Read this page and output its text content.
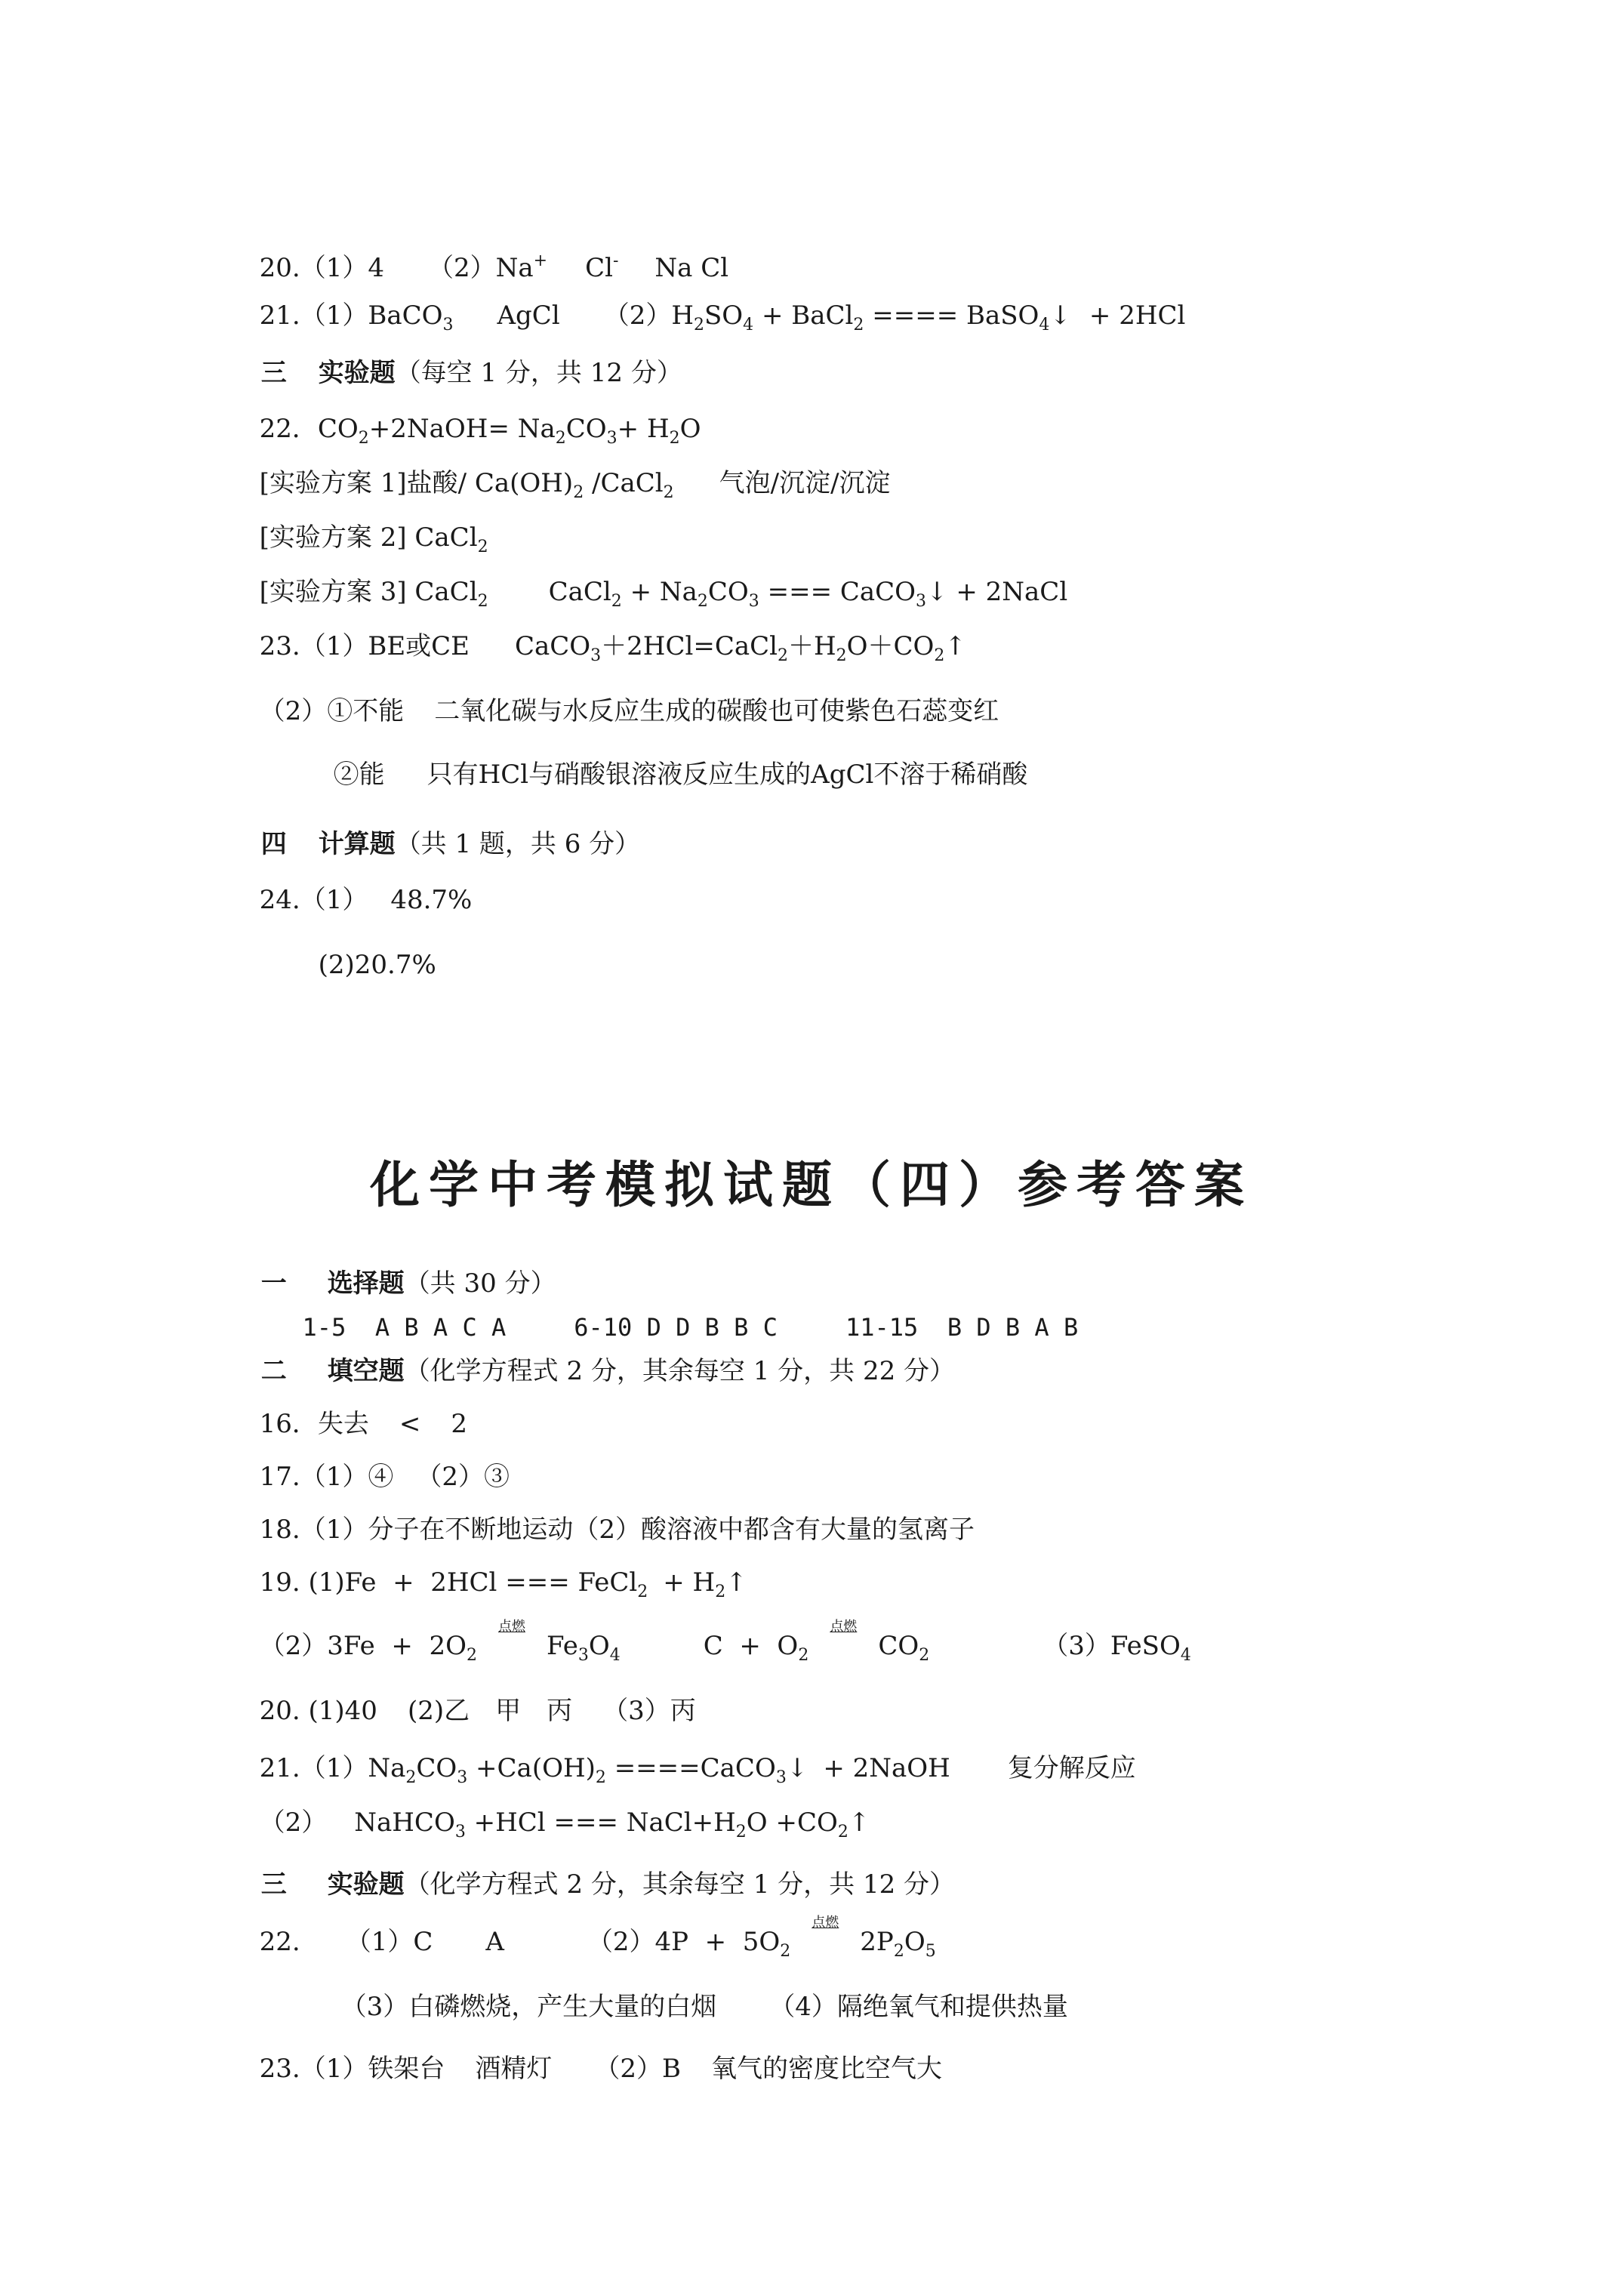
20.（1）4 （2）Na+ Cl- Na Cl

21.（1）BaCO$_3$ AgCl $(2)H_2SO_4$ + BaCl$_2$ ==== BaSO$_4$↓ + 2HCl

三 实验题（每空 1 分，共 12 分）

22．$CO_2+2NaOH= Na_2CO_3+ H_2O$

[实验方案 1]盐酸/ $Ca(OH)_2$ /CaCl$_2$ 气泡/沉淀/沉淀

[实验方案 2] CaCl$_2$

[实验方案 3] CaCl$_2$ CaCl$_2$ + $Na_2CO_3$ === CaCO$_3$↓ + 2NaCl

23.（1）BE或CE $CaCO_3+2HCl=CaCl_2+H_2O+CO_2↑$

（2）①不能 二氧化碳与水反应生成的碳酸也可使紫色石蕊变红

②能 只有HCl与硝酸银溶液反应生成的AgCl不溶于稀硝酸

四 计算题（共 1 题，共 6 分）

24.（1） 48.7%

(2)20.7%

化学中考模拟试题（四）参考答案

一 选择题（共 30 分）

1-5  A B A C A	6-10 D D B B C	11-15  B D B A B

二 填空题（化学方程式 2 分，其余每空 1 分，共 22 分）

16．失去 < 2

17.（1）④ （2）③

18.（1）分子在不断地运动（2）酸溶液中都含有大量的氢离子

19. (1)Fe  +  2HCl === FeCl$_2$ + $H_2↑$

$(2)3Fe + 2O_2$
点燃
$Fe_3O_4$	$C + O_2$
点燃
$CO_2$	（3）FeSO$_4$

20. (1)40 (2)乙　甲　丙 （3）丙

$21.(1)Na_2CO_3 +Ca(OH)_2$ ====CaCO$_3$↓ + 2NaOH 复分解反应

（2） NaHCO$_3$ +HCl === $NaCl+H_2O$ $+CO_2↑$

三 实验题（化学方程式 2 分，其余每空 1 分，共 12 分）

22. （1）C A	$(2)4P + 5O_2$
点燃
$2P_2O_5$

（3）白磷燃烧，产生大量的白烟 （4）隔绝氧气和提供热量

23.（1）铁架台 酒精灯 （2）B 氧气的密度比空气大
